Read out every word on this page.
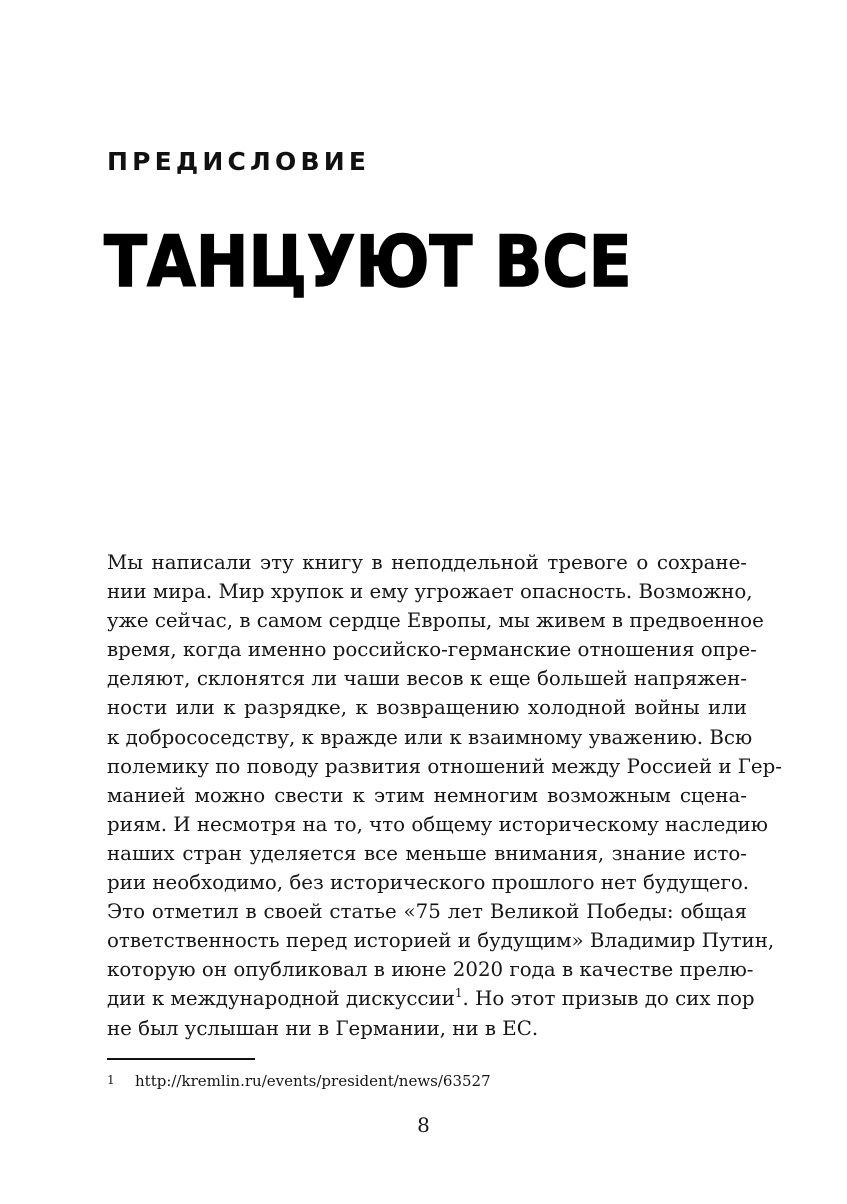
ПРЕДИСЛОВИЕ
ТАНЦУЮТ ВСЕ
Мы написали эту книгу в неподдельной тревоге о сохране-
нии мира. Мир хрупок и ему угрожает опасность. Возможно,
уже сейчас, в самом сердце Европы, мы живем в предвоенное
время, когда именно российско-германские отношения опре-
деляют, склонятся ли чаши весов к еще большей напряжен-
ности или к разрядке, к возвращению холодной войны или
к добрососедству, к вражде или к взаимному уважению. Всю
полемику по поводу развития отношений между Россией и Гер-
манией можно свести к этим немногим возможным сцена-
риям. И несмотря на то, что общему историческому наследию
наших стран уделяется все меньше внимания, знание исто-
рии необходимо, без исторического прошлого нет будущего.
Это отметил в своей статье «75 лет Великой Победы: общая
ответственность перед историей и будущим» Владимир Путин,
которую он опубликовал в июне 2020 года в качестве прелю-
дии к международной дискуссии$^1$. Но этот призыв до сих пор
не был услышан ни в Германии, ни в ЕС.
1 http://kremlin.ru/events/president/news/63527
8
